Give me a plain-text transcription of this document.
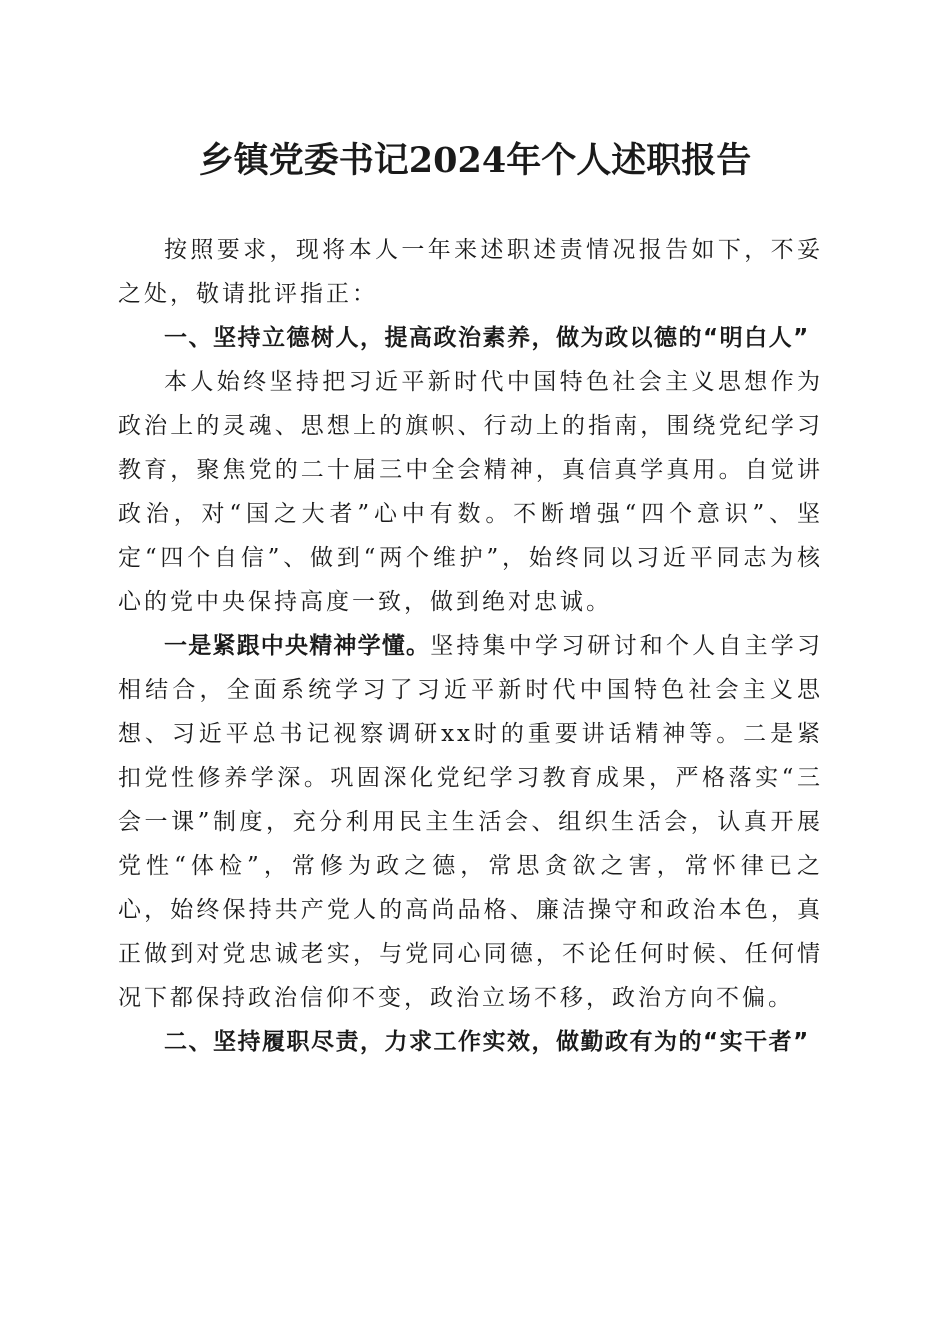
乡镇党委书记2024年个人述职报告

按照要求，现将本人一年来述职述责情况报告如下，不妥之处，敬请批评指正：

一、坚持立德树人，提高政治素养，做为政以德的“明白人”

本人始终坚持把习近平新时代中国特色社会主义思想作为政治上的灵魂、思想上的旗帜、行动上的指南，围绕党纪学习教育，聚焦党的二十届三中全会精神，真信真学真用。自觉讲政治，对“国之大者”心中有数。不断增强“四个意识”、坚定“四个自信”、做到“两个维护”，始终同以习近平同志为核心的党中央保持高度一致，做到绝对忠诚。

一是紧跟中央精神学懂。坚持集中学习研讨和个人自主学习相结合，全面系统学习了习近平新时代中国特色社会主义思想、习近平总书记视察调研xx时的重要讲话精神等。二是紧扣党性修养学深。巩固深化党纪学习教育成果，严格落实“三会一课”制度，充分利用民主生活会、组织生活会，认真开展党性“体检”，常修为政之德，常思贪欲之害，常怀律已之心，始终保持共产党人的高尚品格、廉洁操守和政治本色，真正做到对党忠诚老实，与党同心同德，不论任何时候、任何情况下都保持政治信仰不变，政治立场不移，政治方向不偏。

二、坚持履职尽责，力求工作实效，做勤政有为的“实干者”
